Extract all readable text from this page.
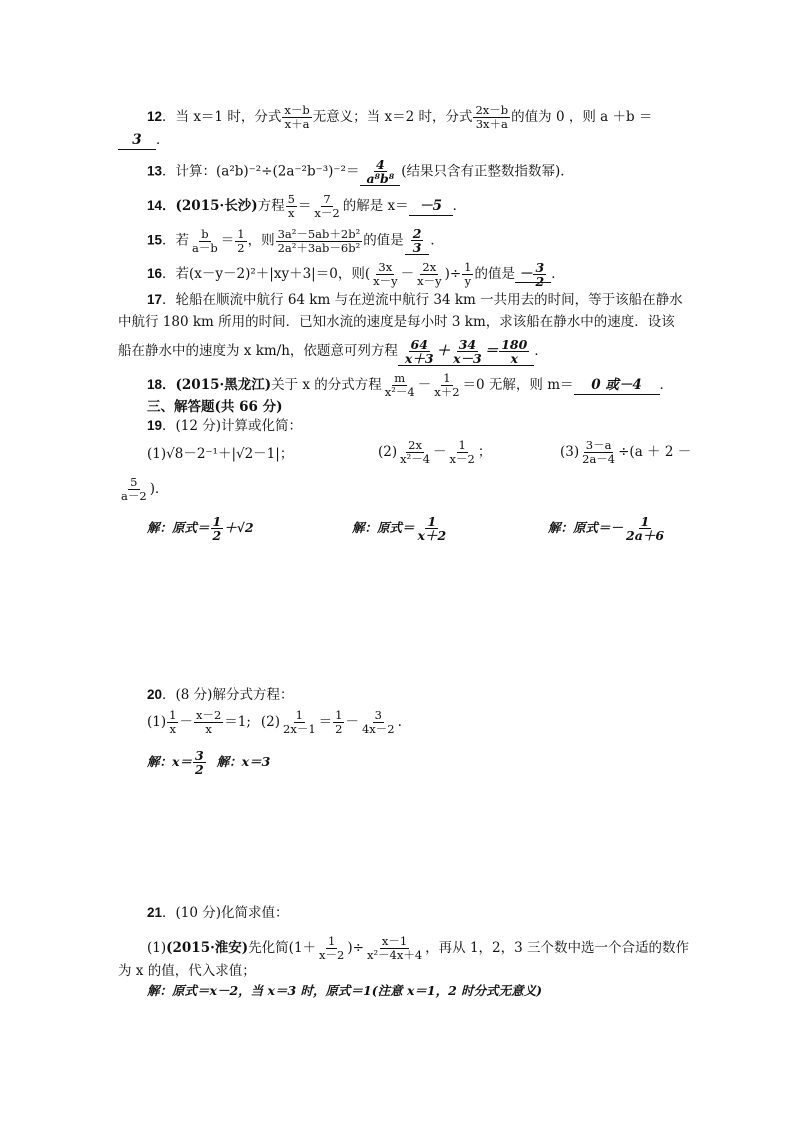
12．当 x＝1 时，分式 $\frac{x-b}{x+a}$ 无意义；当 x＝2 时，分式 $\frac{2x-b}{3x+a}$ 的值为 0 ，则 a ＋b ＝
3 ．
13．计算：$(a^2b)^{-2}\div(2a^{-2}b^{-3})^{-2}= \frac{4}{\text{a⁸b⁸}}$ (结果只含有正整数指数幂)．
14．(2015·长沙)方程 $\frac{5}{x} = \frac{7}{x-2}$ 的解是 x＝ －5 ．
15．若 $\frac{b}{a-b} = \frac{1}{2}$ ，则 $\frac{\text{3a²－5ab＋2b²}}{\text{2a²＋3ab－6b²}}$ 的值是 $\frac{2}{3}$ ．
16．若(x－y－2)²＋|xy＋3|＝0，则( $\frac{3x}{x-y} - \frac{2x}{x-y}$ )÷ $\frac{1}{y}$ 的值是 － $\frac{3}{2}$ ．
17．轮船在顺流中航行 64 km 与在逆流中航行 34 km 一共用去的时间，等于该船在静水
中航行 180 km 所用的时间．已知水流的速度是每小时 3 km，求该船在静水中的速度．设该
船在静水中的速度为 x km/h，依题意可列方程 $\frac{64}{x+3} + \frac{34}{x-3} = \frac{180}{x}$ ．
18．(2015·黑龙江)关于 x 的分式方程 $\frac{m}{\text{x²－4}} - \frac{1}{x+2} =0$ 无解，则 m＝ 0 或－4 ．
三、解答题(共 66 分)
19．(12 分)计算或化简：
(1)√8－2⁻¹＋|√2－1|；	$(2) \frac{2x}{\text{x²－4}} - \frac{1}{x-2}$ ；	$(3) \frac{3-a}{2a-4} \div(a + 2$ －
$\frac{5}{a-2}$ )．
解：原式＝ $\frac{1}{2} +√2$	解：原式＝ $\frac{1}{x+2}$	解：原式＝－ $\frac{1}{2a+6}$
20．(8 分)解分式方程：
$(1) \frac{1}{x} - \frac{x-2}{x} =1$; $(2) \frac{1}{2x-1} = \frac{1}{2} - \frac{3}{4x-2}$ .
解：$x= \frac{3}{2}$ 解：x＝3
21．(10 分)化简求值：
(1)(2015·淮安)先化简($1+ \frac{1}{x-2}$ )÷ $\frac{x-1}{\text{x²－4x＋4}}$ ，再从 1，2，3 三个数中选一个合适的数作
为 x 的值，代入求值；
解：原式＝x－2，当 x＝3 时，原式＝1(注意 x＝1，2 时分式无意义)
